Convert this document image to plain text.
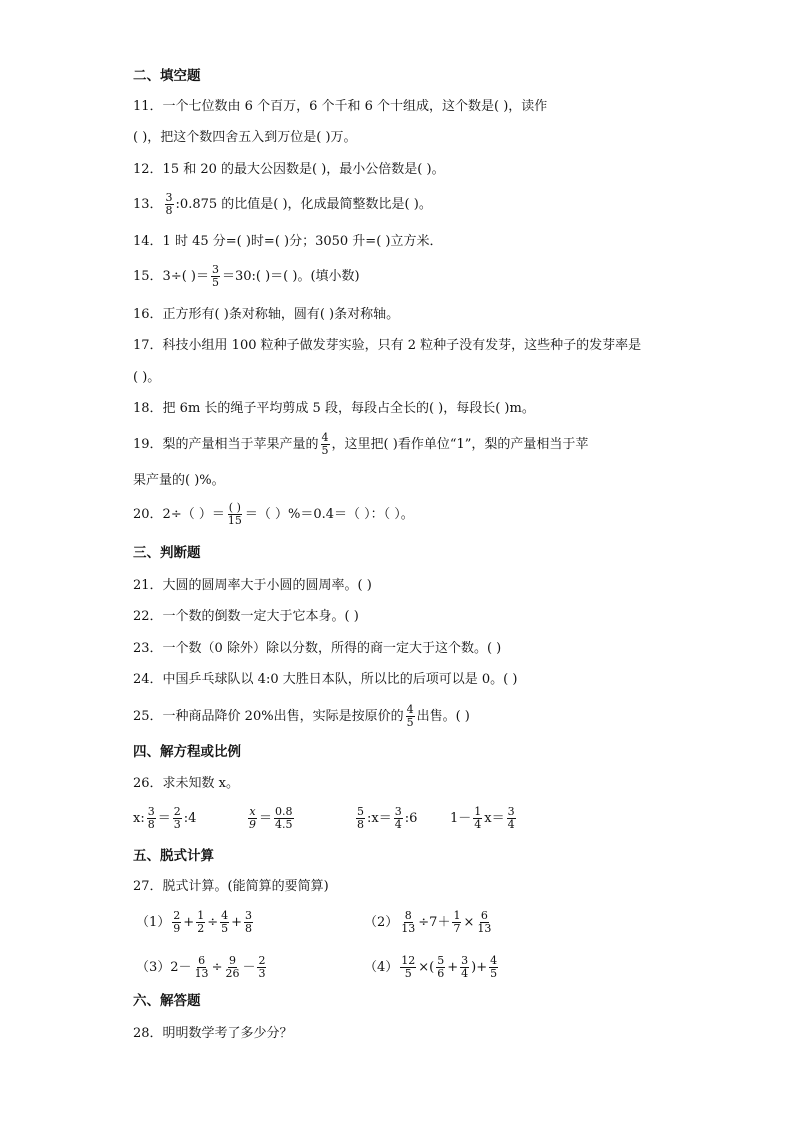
二、填空题
11．一个七位数由 6 个百万，6 个千和 6 个十组成，这个数是( )，读作
( )，把这个数四舍五入到万位是( )万。
12．15 和 20 的最大公因数是( )，最小公倍数是( )。
13． $\frac{3}{8}$ :0.875 的比值是( )，化成最简整数比是( )。
14．1 时 45 分=( )时=( )分；3050 升=( )立方米．
15．3÷( )＝ $\frac{3}{5}$ ＝30:( )＝( )。(填小数)
16．正方形有( )条对称轴，圆有( )条对称轴。
17．科技小组用 100 粒种子做发芽实验，只有 2 粒种子没有发芽，这些种子的发芽率是
( )。
18．把 6m 长的绳子平均剪成 5 段，每段占全长的( )，每段长( )m。
19．梨的产量相当于苹果产量的 $\frac{4}{5}$ ，这里把( )看作单位“1”，梨的产量相当于苹
果产量的( )%。
20．2÷（ ）＝ $\frac{( )}{15}$ ＝（ ）%＝0.4＝（ ）：（ ）。
三、判断题
21．大圆的圆周率大于小圆的圆周率。( )
22．一个数的倒数一定大于它本身。( )
23．一个数（0 除外）除以分数，所得的商一定大于这个数。( )
24．中国乒乓球队以 4:0 大胜日本队，所以比的后项可以是 0。( )
25．一种商品降价 20%出售，实际是按原价的 $\frac{4}{5}$ 出售。( )
四、解方程或比例
26．求未知数 x。
x: $\frac{3}{8} = \frac{2}{3}$ :4	$\frac{x}{9} = \frac{0.8}{4.5}$	$\frac{5}{8}$ :x＝ $\frac{3}{4}$ :6	$1- \frac{1}{4} x= \frac{3}{4}$
五、脱式计算
27．脱式计算。(能简算的要简算)
$(1) \frac{2}{9} + \frac{1}{2} \div \frac{4}{5} + \frac{3}{8}$	$(2) \frac{8}{13} \div 7+ \frac{1}{7} \times \frac{6}{13}$
$(3)2- \frac{6}{13} \div \frac{9}{26} - \frac{2}{3}$	$(4) \frac{12}{5}$ ×( $\frac{5}{6} + \frac{3}{4}$ )+ $\frac{4}{5}$
六、解答题
28．明明数学考了多少分？
